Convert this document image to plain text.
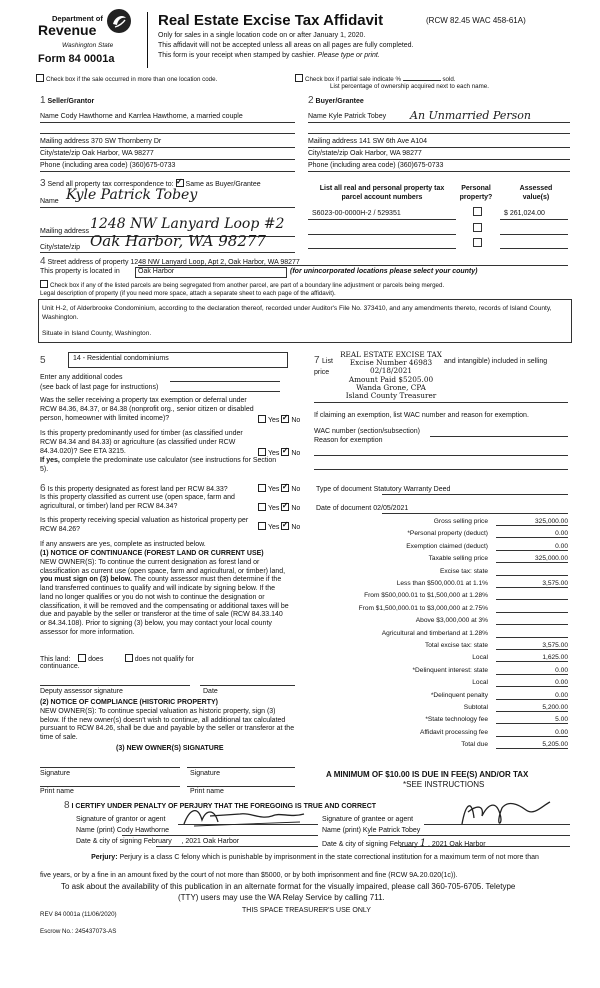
Department of
Revenue
Washington State
Form 84 0001a
Real Estate Excise Tax Affidavit	(RCW 82.45 WAC 458-61A)
Only for sales in a single location code on or after January 1, 2020.
This affidavit will not be accepted unless all areas on all pages are fully completed.
This form is your receipt when stamped by cashier. Please type or print.
Check box if the sale occurred in more than one location code.	Check box if partial sale indicate %	sold.
List percentage of ownership acquired next to each name.
1 Seller/Grantor
Name Cody Hawthorne and Karrlea Hawthorne, a married couple
Mailing address 370 SW Thornberry Dr
City/state/zip Oak Harbor, WA 98277
Phone (including area code) (360)675-0733
2 Buyer/Grantee
Name Kyle Patrick Tobey An Unmarried Person
Mailing address 141 SW 6th Ave A104
City/state/zip Oak Harbor, WA 98277
Phone (including area code) (360)675-0733
3 Send all property tax correspondence to: ✓ Same as Buyer/Grantee
Name Kyle Patrick Tobey
Mailing address 1248 NW Lanyard Loop #2
City/state/zip Oak Harbor, WA 98277
List all real and personal property tax parcel account numbers
Personal property?
Assessed value(s)
S6023-00-0000H-2 / 529351	$ 261,024.00
4 Street address of property 1248 NW Lanyard Loop, Apt 2, Oak Harbor, WA 98277
This property is located in	Oak Harbor	(for unincorporated locations please select your county)
Check box if any of the listed parcels are being segregated from another parcel, are part of a boundary line adjustment or parcels being merged.
Legal description of property (if you need more space, attach a separate sheet to each page of the affidavit).
Unit H-2, of Alderbrooke Condominium, according to the declaration thereof, recorded under Auditor's File No. 373410, and any amendments thereto, records of Island County, Washington.
Situate in Island County, Washington.
5	14 - Residential condominiums
Enter any additional codes
(see back of last page for instructions)
Was the seller receiving a property tax exemption or deferral under RCW 84.36, 84.37, or 84.38 (nonprofit org., senior citizen or disabled person, homeowner with limited income)?	Yes ✓ No
Is this property predominantly used for timber (as classified under RCW 84.34 and 84.33) or agriculture (as classified under RCW 84.34.020)? See ETA 3215.	Yes ✓ No
If yes, complete the predominate use calculator (see instructions for Section 5).
6 Is this property designated as forest land per RCW 84.33?	Yes ✓ No
Is this property classified as current use (open space, farm and agricultural, or timber) land per RCW 84.34?	Yes ✓ No
Is this property receiving special valuation as historical property per RCW 84.26?	Yes ✓ No
If any answers are yes, complete as instructed below.
(1) NOTICE OF CONTINUANCE (FOREST LAND OR CURRENT USE)
NEW OWNER(S): To continue the current designation as forest land or classification as current use (open space, farm and agricultural, or timber) land, you must sign on (3) below. The county assessor must then determine if the land transferred continues to qualify and will indicate by signing below. If the land no longer qualifies or you do not wish to continue the designation or classification, it will be removed and the compensating or additional taxes will be due and payable by the seller or transferor at the time of sale (RCW 84.33.140 or 84.34.108). Prior to signing (3) below, you may contact your local county assessor for more information.
This land:	does	does not qualify for
continuance.
Deputy assessor signature	Date
(2) NOTICE OF COMPLIANCE (HISTORIC PROPERTY)
NEW OWNER(S): To continue special valuation as historic property, sign (3) below. If the new owner(s) doesn't wish to continue, all additional tax calculated pursuant to RCW 84.26, shall be due and payable by the seller or transferor at the time of sale.
(3) NEW OWNER(S) SIGNATURE
Signature	Signature
Print name	Print name
7 List
price
and intangible) included in selling
REAL ESTATE EXCISE TAX
Excise Number 46983
02/18/2021
Amount Paid $5205.00
Wanda Grone, CPA
Island County Treasurer
If claiming an exemption, list WAC number and reason for exemption.
WAC number (section/subsection)
Reason for exemption
Type of document Statutory Warranty Deed
Date of document 02/05/2021
Gross selling price	325,000.00
*Personal property (deduct)	0.00
Exemption claimed (deduct)	0.00
Taxable selling price	325,000.00
Excise tax: state

Less than $500,000.01 at 1.1%	3,575.00
From $500,000.01 to $1,500,000 at 1.28%

From $1,500,000.01 to $3,000,000 at 2.75%

Above $3,000,000 at 3%

Agricultural and timberland at 1.28%

Total excise tax: state	3,575.00
Local	1,625.00
*Delinquent interest: state	0.00
Local	0.00
*Delinquent penalty	0.00
Subtotal	5,200.00
*State technology fee	5.00
Affidavit processing fee	0.00
Total due	5,205.00
A MINIMUM OF $10.00 IS DUE IN FEE(S) AND/OR TAX
*SEE INSTRUCTIONS
8 I CERTIFY UNDER PENALTY OF PERJURY THAT THE FOREGOING IS TRUE AND CORRECT
Signature of grantor or agent	Signature of grantee or agent
Name (print) Cody Hawthorne	Name (print) Kyle Patrick Tobey
Date & city of signing February , 2021 Oak Harbor	Date & city of signing February 1 , 2021 Oak Harbor
Perjury: Perjury is a class C felony which is punishable by imprisonment in the state correctional institution for a maximum term of not more than
five years, or by a fine in an amount fixed by the court of not more than $5000, or by both imprisonment and fine (RCW 9A.20.020(1c)).
To ask about the availability of this publication in an alternate format for the visually impaired, please call 360-705-6705. Teletype
(TTY) users may use the WA Relay Service by calling 711.
REV 84 0001a (11/06/2020)
THIS SPACE TREASURER'S USE ONLY
Escrow No.: 245437073-AS
